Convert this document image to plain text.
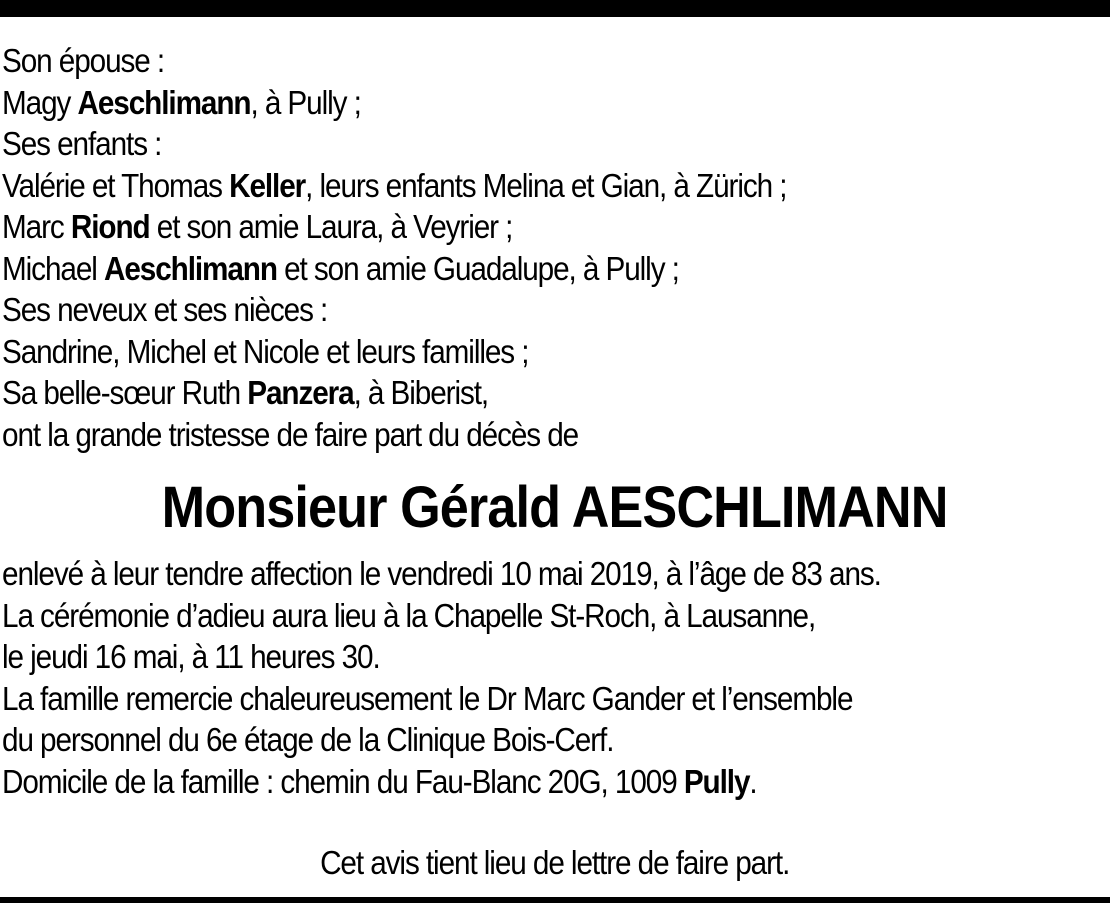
Son épouse :
Magy Aeschlimann, à Pully ;
Ses enfants :
Valérie et Thomas Keller, leurs enfants Melina et Gian, à Zürich ;
Marc Riond et son amie Laura, à Veyrier ;
Michael Aeschlimann et son amie Guadalupe, à Pully ;
Ses neveux et ses nièces :
Sandrine, Michel et Nicole et leurs familles ;
Sa belle-sœur Ruth Panzera, à Biberist,
ont la grande tristesse de faire part du décès de
Monsieur Gérald AESCHLIMANN
enlevé à leur tendre affection le vendredi 10 mai 2019, à l’âge de 83 ans.
La cérémonie d’adieu aura lieu à la Chapelle St-Roch, à Lausanne,
le jeudi 16 mai, à 11 heures 30.
La famille remercie chaleureusement le Dr Marc Gander et l’ensemble
du personnel du 6e étage de la Clinique Bois-Cerf.
Domicile de la famille : chemin du Fau-Blanc 20G, 1009 Pully.

Cet avis tient lieu de lettre de faire part.
